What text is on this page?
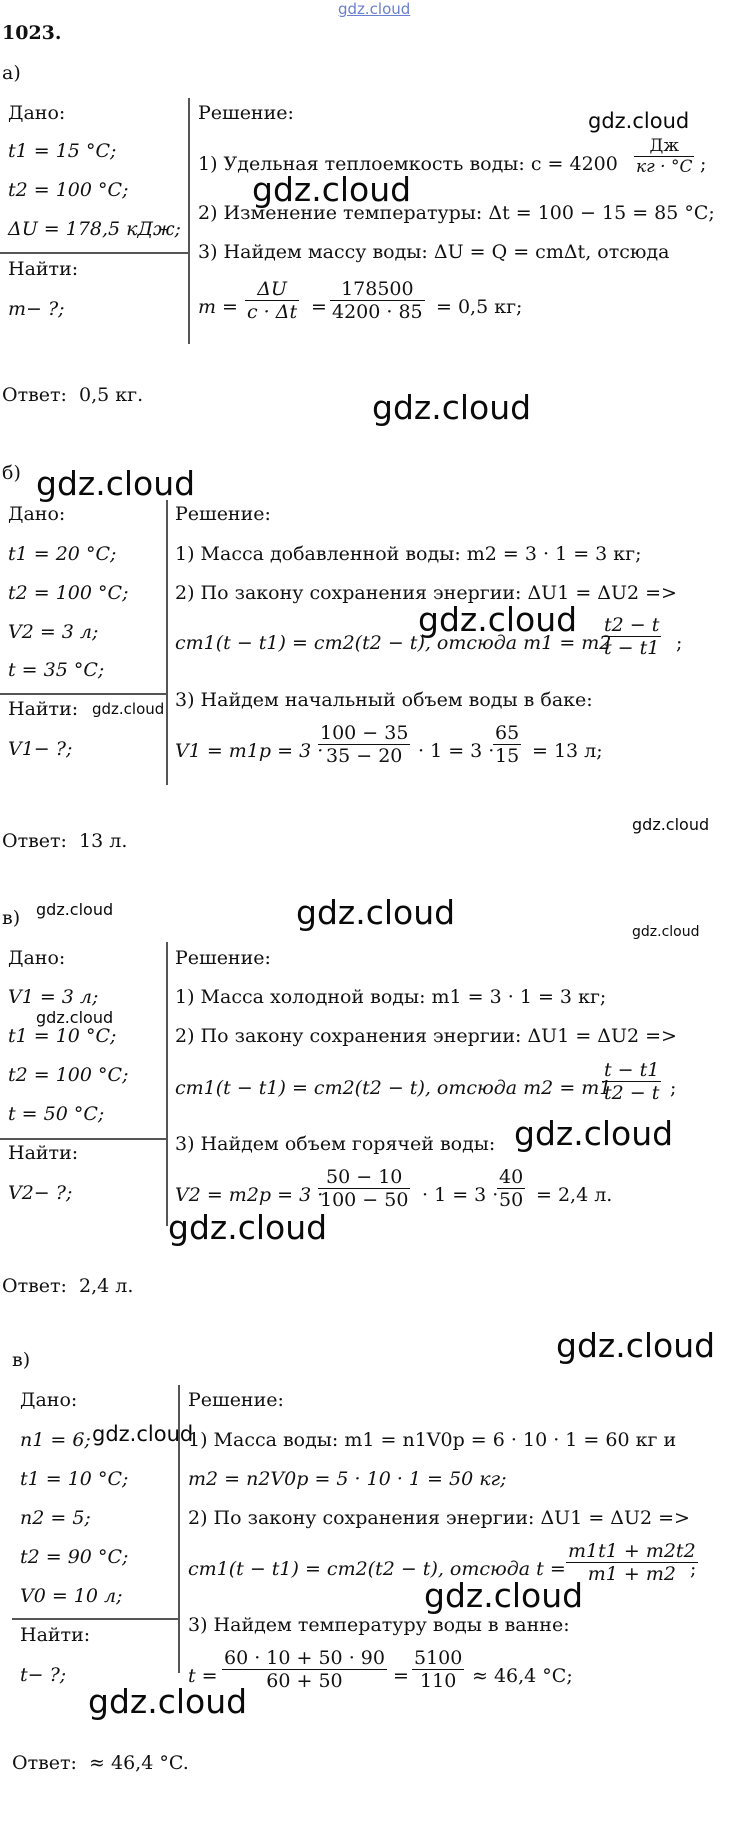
gdz.cloud
1023.
а)
Дано:
t1 = 15 °C;
t2 = 100 °C;
ΔU = 178,5 кДж;
Найти:
m− ?;
Решение:
1) Удельная теплоемкость воды: c = 4200
Дж
кг · °C ;
2) Изменение температуры: Δt = 100 − 15 = 85 °C;
3) Найдем массу воды: ΔU = Q = cmΔt, отсюда
$m = \frac{\Delta U}{c \cdot \Delta t} = \frac{178500}{4200 \cdot 85} = 0,5$ кг;
Ответ: 0,5 кг.
б)
Дано:
t1 = 20 °C;
t2 = 100 °C;
V2 = 3 л;
t = 35 °C;
Найти:
V1− ?;
Решение:
1) Масса добавленной воды: m2 = 3 · 1 = 3 кг;
2) По закону сохранения энергии: ΔU1 = ΔU2 =>
cm1(t − t1) = cm2(t2 − t), отсюда m1 = m2
$\frac{t2 - t}{t - t1}$ ;
3) Найдем начальный объем воды в баке:
V1 = m1p = 3 ·
$\frac{100 - 35}{35 - 20} \cdot 1 = 3$ ·
$\frac{65}{15} = 13$ л;
Ответ: 13 л.
в)
Дано:
V1 = 3 л;
t1 = 10 °C;
t2 = 100 °C;
t = 50 °C;
Найти:
V2− ?;
Решение:
1) Масса холодной воды: m1 = 3 · 1 = 3 кг;
2) По закону сохранения энергии: ΔU1 = ΔU2 =>
cm1(t − t1) = cm2(t2 − t), отсюда m2 = m1
$\frac{t - t1}{t2 - t}$ ;
3) Найдем объем горячей воды:
V2 = m2p = 3 ·
$\frac{50 - 10}{100 - 50} \cdot 1 = 3$ ·
$\frac{40}{50} = 2,4$ л.
Ответ: 2,4 л.
в)
Дано:
n1 = 6;
t1 = 10 °C;
n2 = 5;
t2 = 90 °C;
V0 = 10 л;
Найти:
t− ?;
Решение:
1) Масса воды: m1 = n1V0p = 6 · 10 · 1 = 60 кг и
m2 = n2V0p = 5 · 10 · 1 = 50 кг;
2) По закону сохранения энергии: ΔU1 = ΔU2 =>
cm1(t − t1) = cm2(t2 − t), отсюда $t = \frac{m1t1 + m2t2}{m1 + m2}$
;
3) Найдем температуру воды в ванне:
$t = \frac{60 \cdot 10 + 50 \cdot 90}{60 + 50} = \frac{5100}{110} \approx 46,4$ °C;
Ответ: ≈ 46,4 °C.
gdz.cloud
gdz.cloud
gdz.cloud
gdz.cloud
gdz.cloud
gdz.cloud
gdz.cloud
gdz.cloud	gdz.cloud	gdz.cloud
gdz.cloud
gdz.cloud
gdz.cloud
gdz.cloud
gdz.cloud
gdz.cloud
gdz.cloud
